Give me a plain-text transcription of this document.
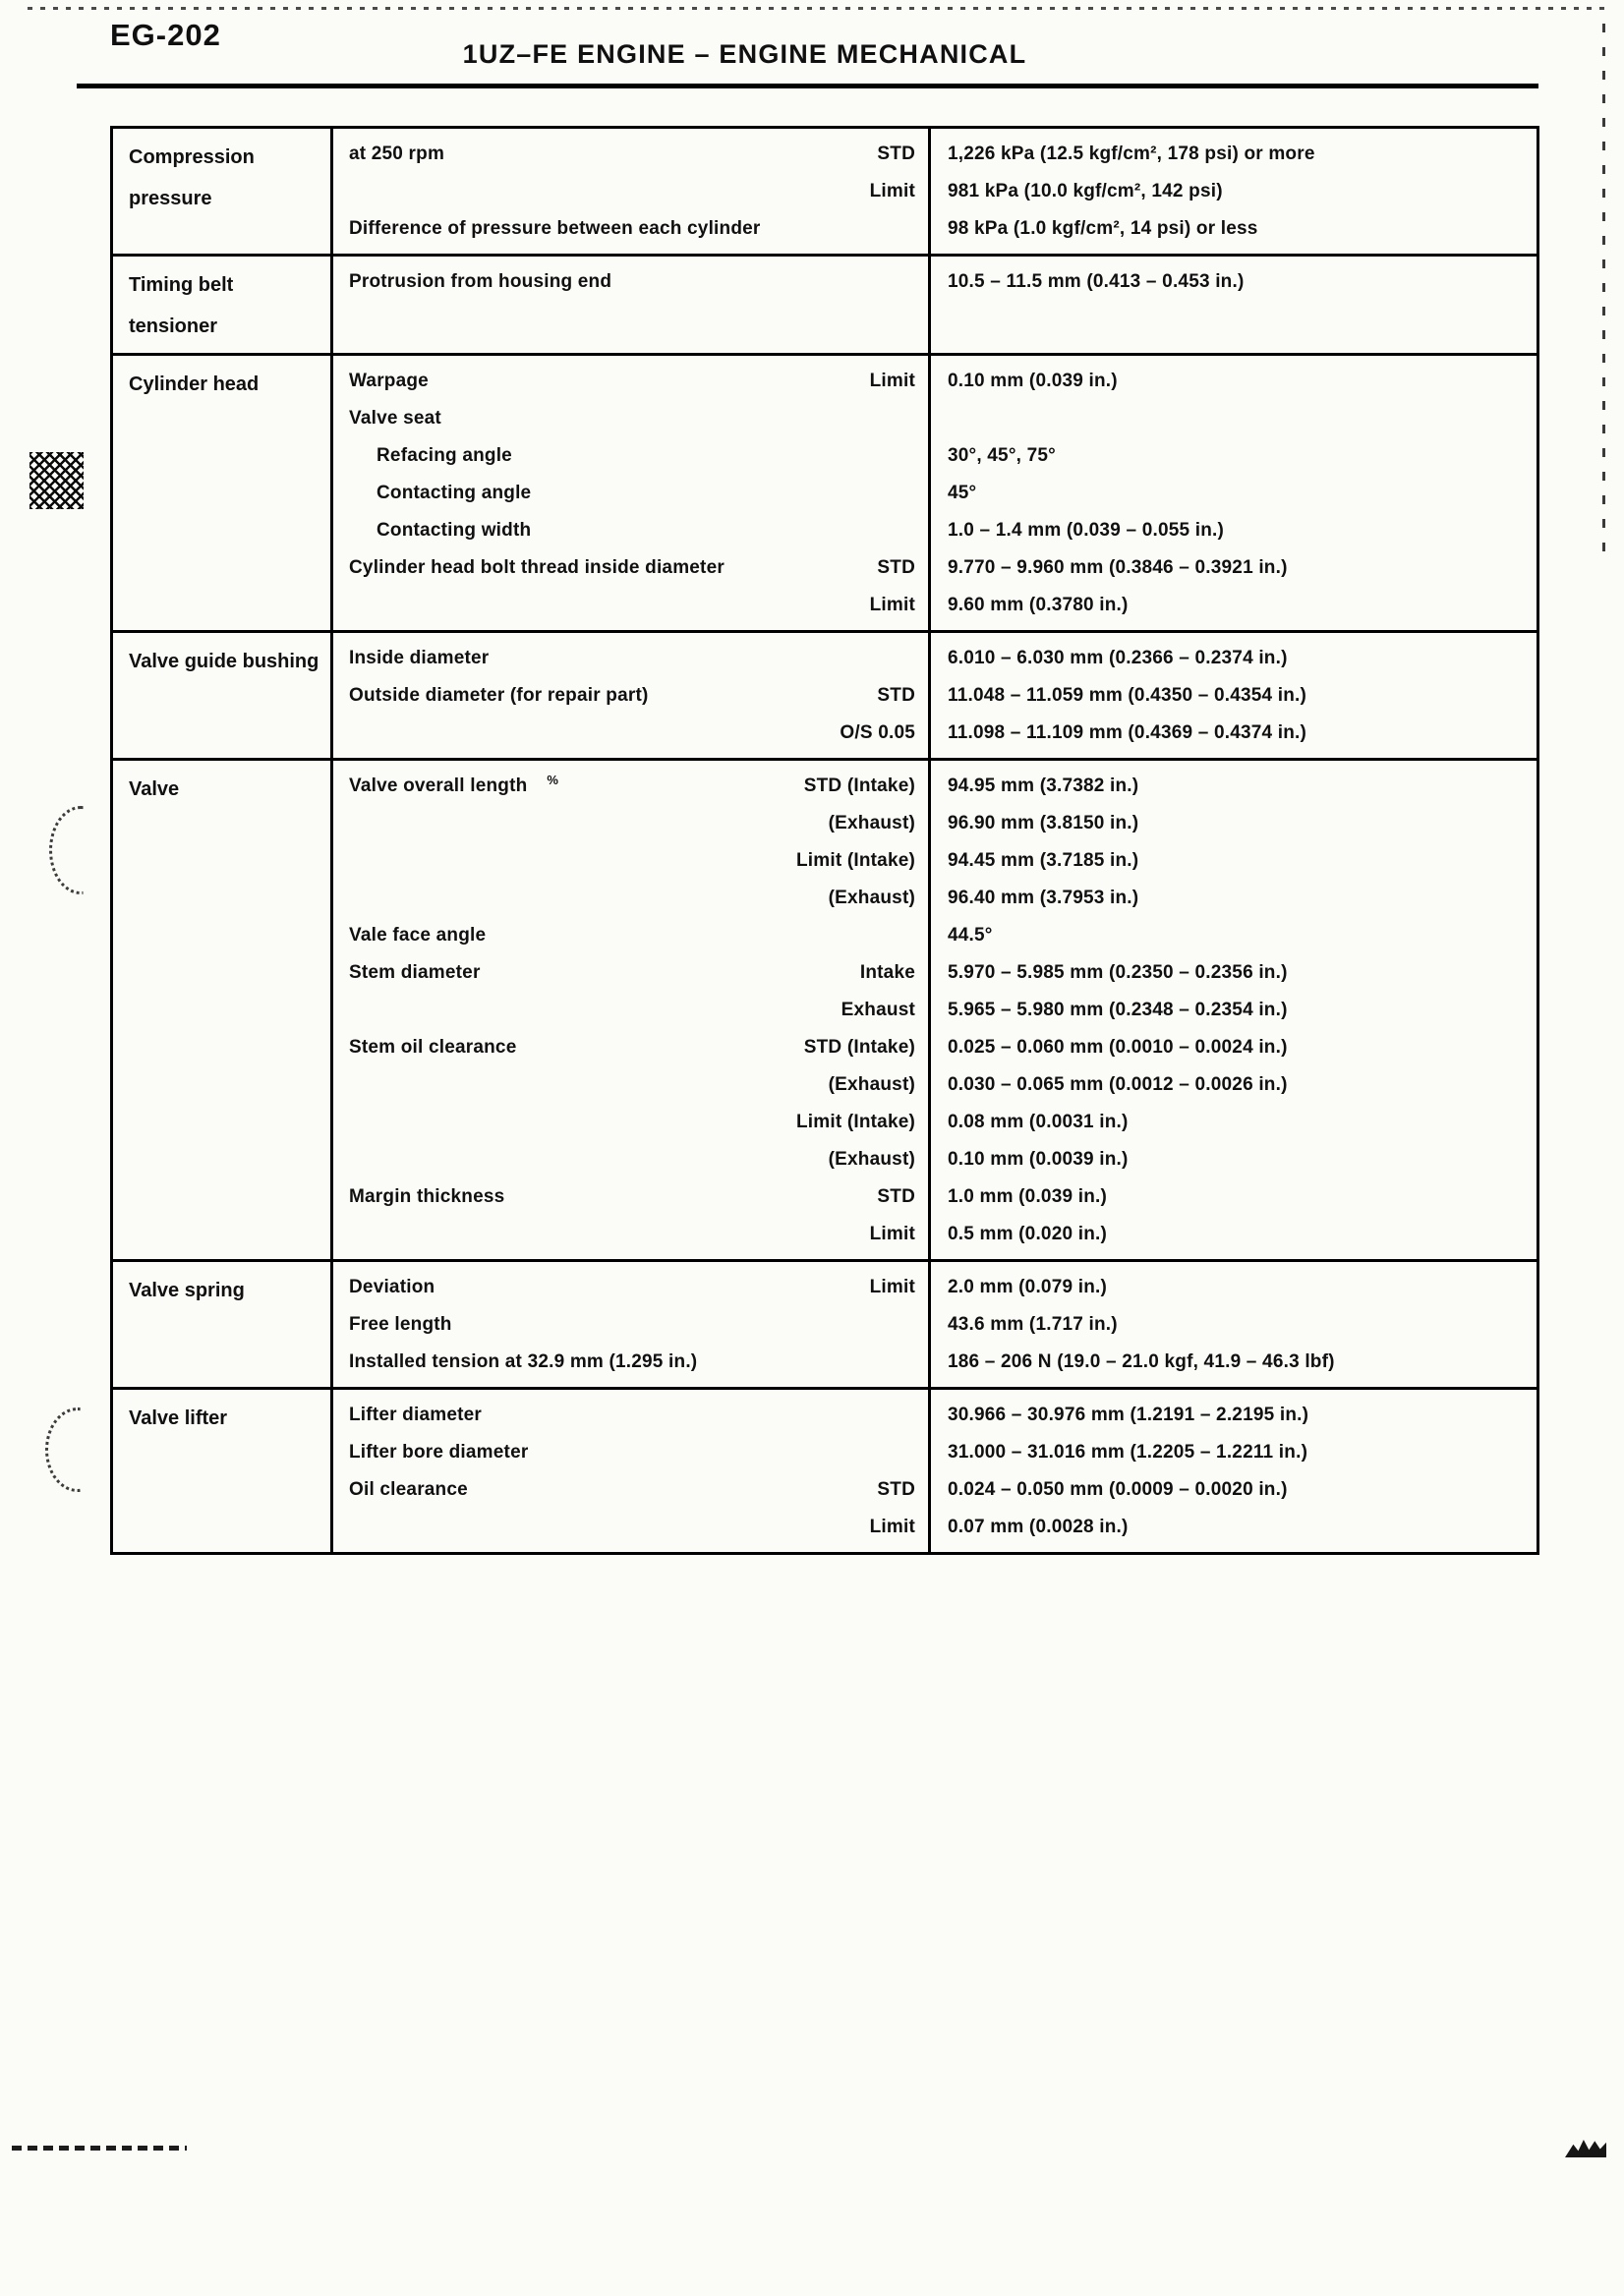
EG-202
1UZ–FE ENGINE – ENGINE MECHANICAL
Compression pressure
at 250 rpm	STD	1,226 kPa (12.5 kgf/cm², 178 psi) or more
Limit	981 kPa (10.0 kgf/cm², 142 psi)
Difference of pressure between each cylinder	98 kPa (1.0 kgf/cm², 14 psi) or less
Timing belt tensioner
Protrusion from housing end	10.5 – 11.5 mm (0.413 – 0.453 in.)
Cylinder head	Warpage	Limit	0.10 mm (0.039 in.)
Valve seat
Refacing angle	30°, 45°, 75°
Contacting angle	45°
Contacting width	1.0 – 1.4 mm (0.039 – 0.055 in.)
Cylinder head bolt thread inside diameter	STD	9.770 – 9.960 mm (0.3846 – 0.3921 in.)
Limit	9.60 mm (0.3780 in.)
Valve guide bushing	Inside diameter	6.010 – 6.030 mm (0.2366 – 0.2374 in.)
Outside diameter (for repair part)	STD	11.048 – 11.059 mm (0.4350 – 0.4354 in.)
O/S 0.05	11.098 – 11.109 mm (0.4369 – 0.4374 in.)
Valve	Valve overall length %	STD (Intake)	94.95 mm (3.7382 in.)
(Exhaust)	96.90 mm (3.8150 in.)
Limit (Intake)	94.45 mm (3.7185 in.)
(Exhaust)	96.40 mm (3.7953 in.)
Vale face angle	44.5°
Stem diameter	Intake	5.970 – 5.985 mm (0.2350 – 0.2356 in.)
Exhaust	5.965 – 5.980 mm (0.2348 – 0.2354 in.)
Stem oil clearance	STD (Intake)	0.025 – 0.060 mm (0.0010 – 0.0024 in.)
(Exhaust)	0.030 – 0.065 mm (0.0012 – 0.0026 in.)
Limit (Intake)	0.08 mm (0.0031 in.)
(Exhaust)	0.10 mm (0.0039 in.)
Margin thickness	STD	1.0 mm (0.039 in.)
Limit	0.5 mm (0.020 in.)
Valve spring	Deviation	Limit	2.0 mm (0.079 in.)
Free length	43.6 mm (1.717 in.)
Installed tension at 32.9 mm (1.295 in.)	186 – 206 N (19.0 – 21.0 kgf, 41.9 – 46.3 lbf)
Valve lifter	Lifter diameter	30.966 – 30.976 mm (1.2191 – 2.2195 in.)
Lifter bore diameter	31.000 – 31.016 mm (1.2205 – 1.2211 in.)
Oil clearance	STD	0.024 – 0.050 mm (0.0009 – 0.0020 in.)
Limit	0.07 mm (0.0028 in.)
